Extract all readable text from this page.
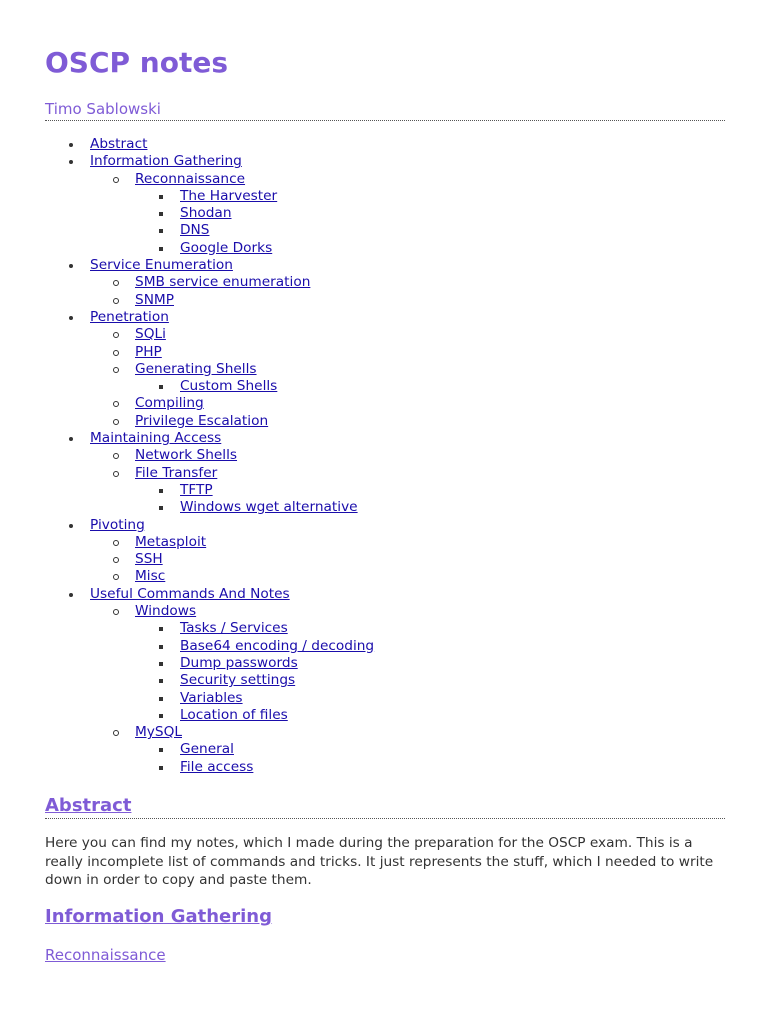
OSCP notes
Timo Sablowski
Abstract
Information Gathering
Reconnaissance
The Harvester
Shodan
DNS
Google Dorks
Service Enumeration
SMB service enumeration
SNMP
Penetration
SQLi
PHP
Generating Shells
Custom Shells
Compiling
Privilege Escalation
Maintaining Access
Network Shells
File Transfer
TFTP
Windows wget alternative
Pivoting
Metasploit
SSH
Misc
Useful Commands And Notes
Windows
Tasks / Services
Base64 encoding / decoding
Dump passwords
Security settings
Variables
Location of files
MySQL
General
File access
Abstract

Here you can find my notes, which I made during the preparation for the OSCP exam. This is a really incomplete list of commands and tricks. It just represents the stuff, which I needed to write down in order to copy and paste them.

Information Gathering
Reconnaissance
